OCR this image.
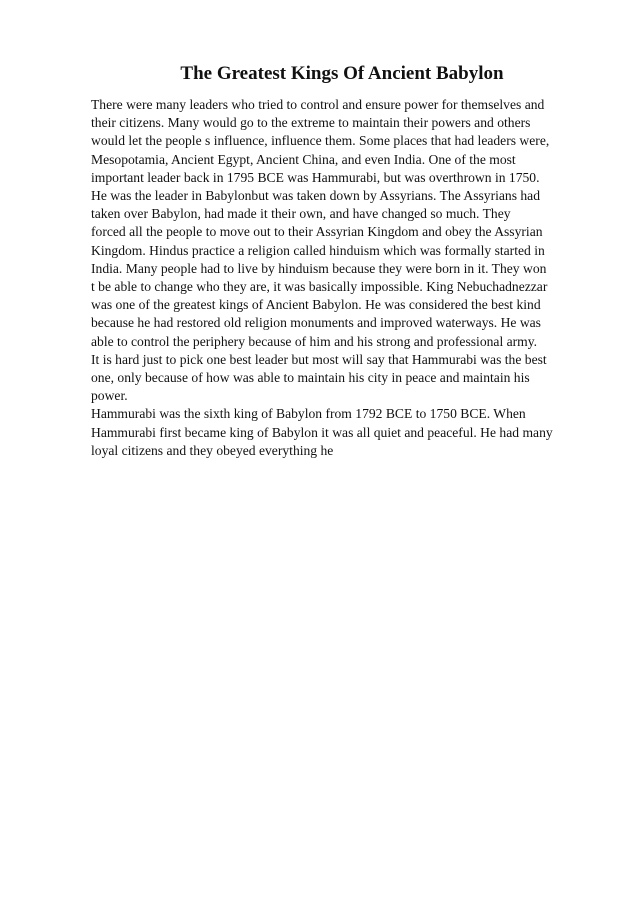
The Greatest Kings Of Ancient Babylon
There were many leaders who tried to control and ensure power for themselves and
their citizens. Many would go to the extreme to maintain their powers and others
would let the people s influence, influence them. Some places that had leaders were,
Mesopotamia, Ancient Egypt, Ancient China, and even India. One of the most
important leader back in 1795 BCE was Hammurabi, but was overthrown in 1750.
He was the leader in Babylonbut was taken down by Assyrians. The Assyrians had
taken over Babylon, had made it their own, and have changed so much. They
forced all the people to move out to their Assyrian Kingdom and obey the Assyrian
Kingdom. Hindus practice a religion called hinduism which was formally started in
India. Many people had to live by hinduism because they were born in it. They won
t be able to change who they are, it was basically impossible. King Nebuchadnezzar
was one of the greatest kings of Ancient Babylon. He was considered the best kind
because he had restored old religion monuments and improved waterways. He was
able to control the periphery because of him and his strong and professional army.
It is hard just to pick one best leader but most will say that Hammurabi was the best
one, only because of how was able to maintain his city in peace and maintain his
power.
Hammurabi was the sixth king of Babylon from 1792 BCE to 1750 BCE. When
Hammurabi first became king of Babylon it was all quiet and peaceful. He had many
loyal citizens and they obeyed everything he
